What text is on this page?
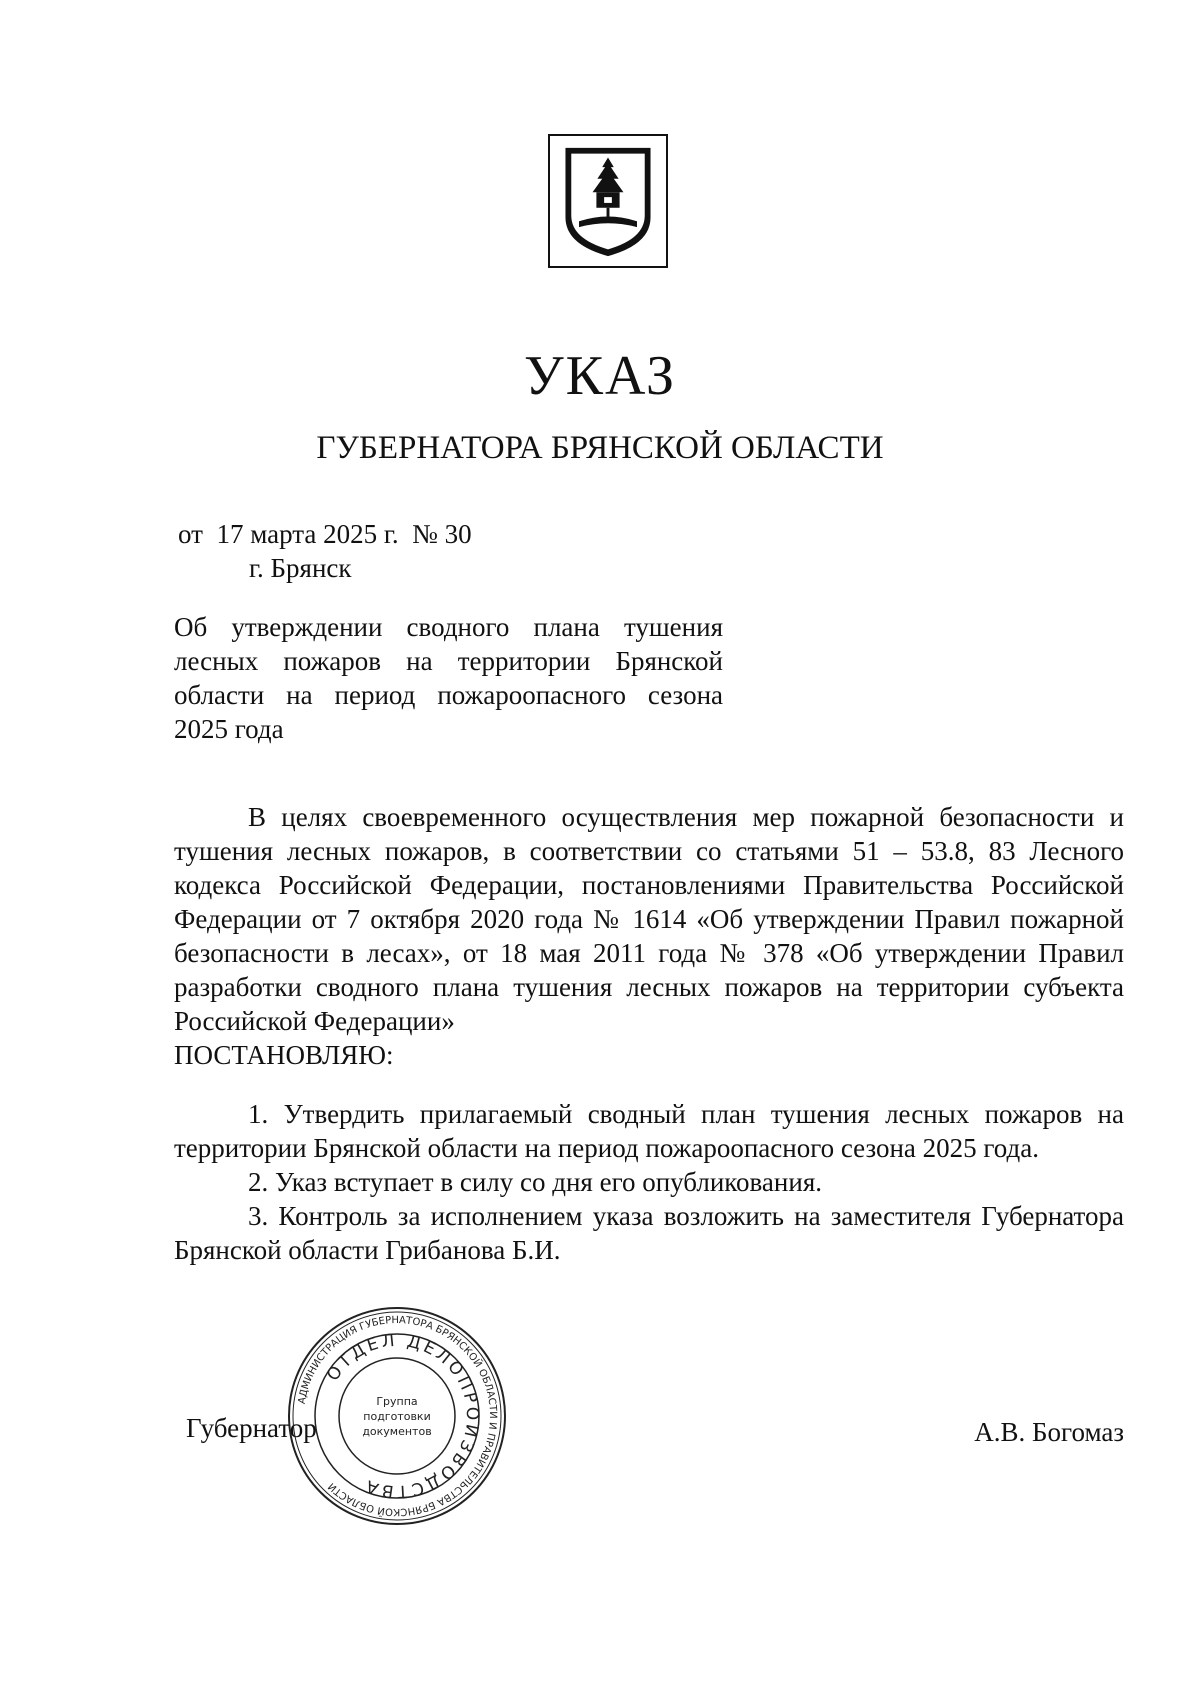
УКАЗ
ГУБЕРНАТОРА БРЯНСКОЙ ОБЛАСТИ
от  17 марта 2025 г.  № 30
г. Брянск
Об утверждении сводного плана тушения лесных пожаров на территории Брянской области на период пожароопасного сезона 2025 года

В целях своевременного осуществления мер пожарной безопасности и тушения лесных пожаров, в соответствии со статьями 51 – 53.8, 83 Лесного кодекса Российской Федерации, постановлениями Правительства Российской Федерации от 7 октября 2020 года № 1614 «Об утверждении Правил пожарной безопасности в лесах», от 18 мая 2011 года № 378 «Об утверждении Правил разработки сводного плана тушения лесных пожаров на территории субъекта Российской Федерации»

ПОСТАНОВЛЯЮ:

1. Утвердить прилагаемый сводный план тушения лесных пожаров на территории Брянской области на период пожароопасного сезона 2025 года.

2. Указ вступает в силу со дня его опубликования.

3. Контроль за исполнением указа возложить на заместителя Губернатора Брянской области Грибанова Б.И.

Губернатор	А.В. Богомаз
АДМИНИСТРАЦИЯ ГУБЕРНАТОРА БРЯНСКОЙ ОБЛАСТИ И ПРАВИТЕЛЬСТВА БРЯНСКОЙ ОБЛАСТИ
ОТДЕЛ ДЕЛОПРОИЗВОДСТВА
Группа
подготовки
документов
